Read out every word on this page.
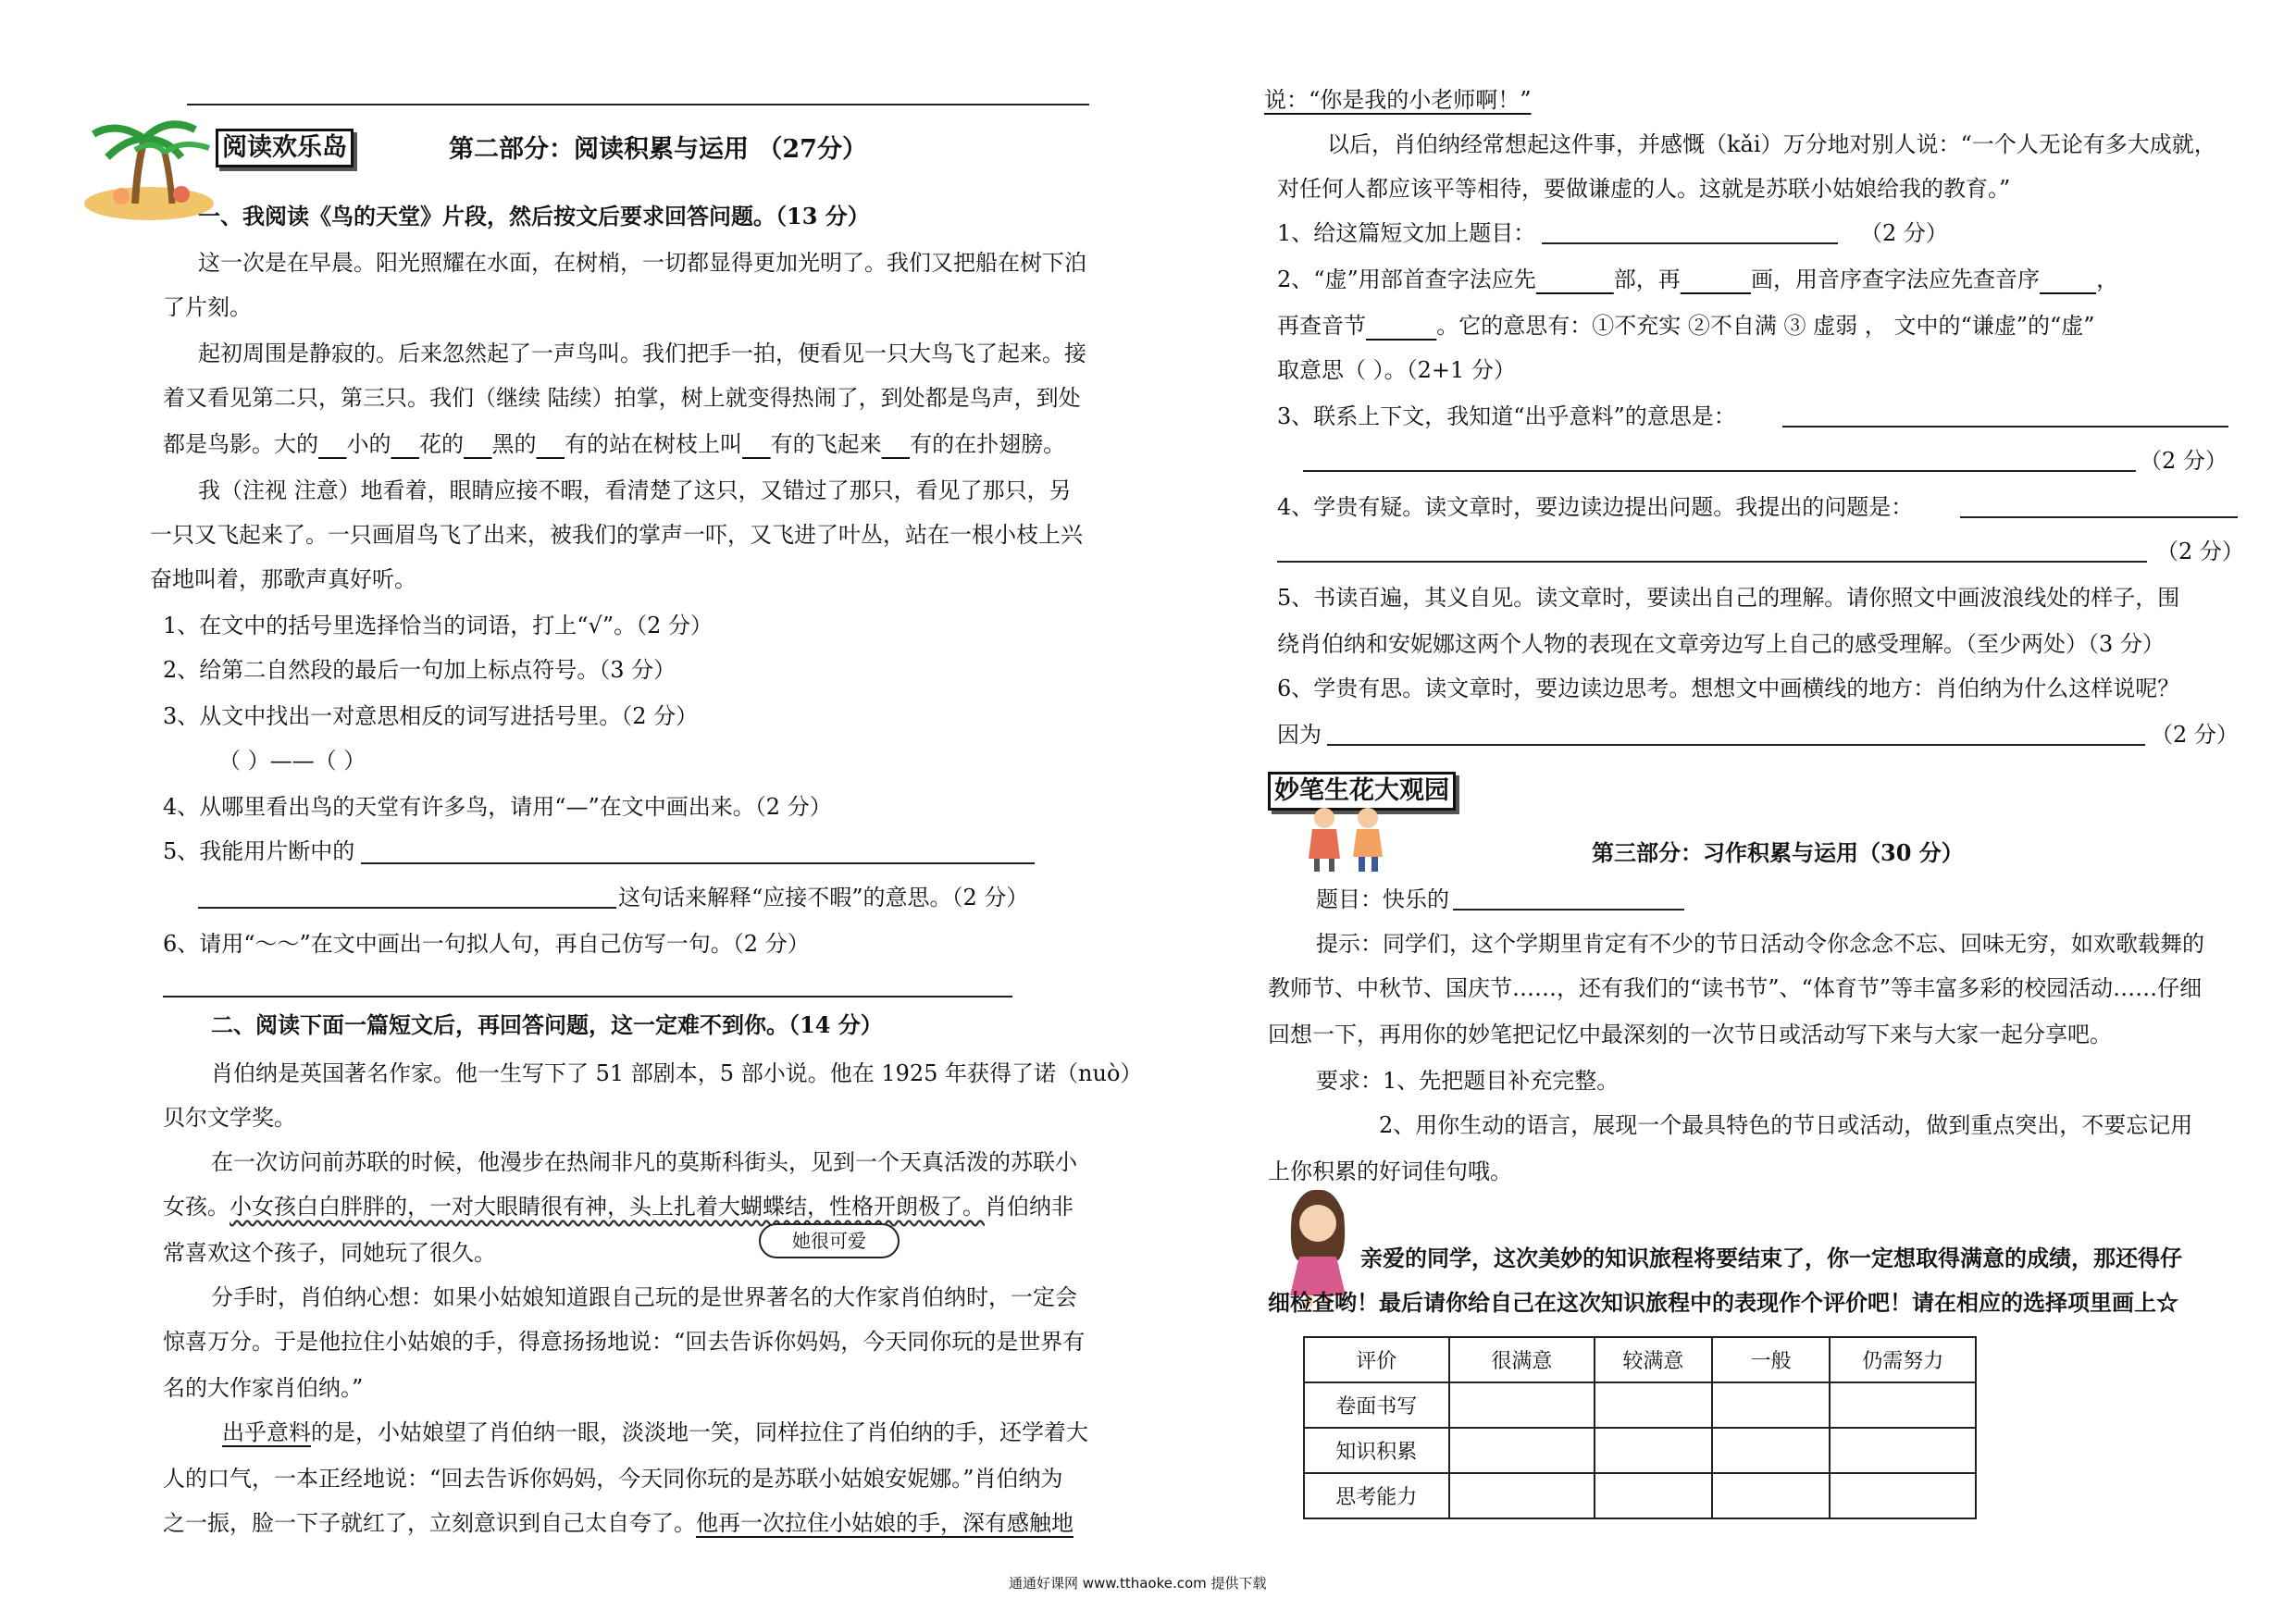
阅读欢乐岛	第二部分：阅读积累与运用 （27分）
一、我阅读《鸟的天堂》片段，然后按文后要求回答问题。（13 分）
这一次是在早晨。阳光照耀在水面，在树梢，一切都显得更加光明了。我们又把船在树下泊
了片刻。
起初周围是静寂的。后来忽然起了一声鸟叫。我们把手一拍，便看见一只大鸟飞了起来。接
着又看见第二只，第三只。我们（继续 陆续）拍掌，树上就变得热闹了，到处都是鸟声，到处
都是鸟影。大的 小的 花的 黑的 有的站在树枝上叫 有的飞起来 有的在扑翅膀。
我（注视 注意）地看着，眼睛应接不暇，看清楚了这只，又错过了那只，看见了那只，另
一只又飞起来了。一只画眉鸟飞了出来，被我们的掌声一吓，又飞进了叶丛，站在一根小枝上兴
奋地叫着，那歌声真好听。
1、在文中的括号里选择恰当的词语，打上“√”。（2 分）
2、给第二自然段的最后一句加上标点符号。（3 分）
3、从文中找出一对意思相反的词写进括号里。（2 分）
（ ）——（ ）
4、从哪里看出鸟的天堂有许多鸟，请用“—”在文中画出来。（2 分）
5、我能用片断中的
这句话来解释“应接不暇”的意思。（2 分）
6、请用“～～”在文中画出一句拟人句，再自己仿写一句。（2 分）
二、阅读下面一篇短文后，再回答问题，这一定难不到你。（14 分）
肖伯纳是英国著名作家。他一生写下了 51 部剧本，5 部小说。他在 1925 年获得了诺（nuò）
贝尔文学奖。
在一次访问前苏联的时候，他漫步在热闹非凡的莫斯科街头，见到一个天真活泼的苏联小
女孩。小女孩白白胖胖的，一对大眼睛很有神，头上扎着大蝴蝶结，性格开朗极了。肖伯纳非
常喜欢这个孩子，同她玩了很久。	她很可爱
分手时，肖伯纳心想：如果小姑娘知道跟自己玩的是世界著名的大作家肖伯纳时，一定会
惊喜万分。于是他拉住小姑娘的手，得意扬扬地说：“回去告诉你妈妈，今天同你玩的是世界有
名的大作家肖伯纳。”
出乎意料的是，小姑娘望了肖伯纳一眼，淡淡地一笑，同样拉住了肖伯纳的手，还学着大
人的口气，一本正经地说：“回去告诉你妈妈，今天同你玩的是苏联小姑娘安妮娜。”肖伯纳为
之一振，脸一下子就红了，立刻意识到自己太自夸了。他再一次拉住小姑娘的手，深有感触地
说：“你是我的小老师啊！”
以后，肖伯纳经常想起这件事，并感慨（kǎi）万分地对别人说：“一个人无论有多大成就，
对任何人都应该平等相待，要做谦虚的人。这就是苏联小姑娘给我的教育。”
1、给这篇短文加上题目：	（2 分）
2、“虚”用部首查字法应先	部，再	画，用音序查字法应先查音序	，
再查音节	。它的意思有：①不充实 ②不自满 ③ 虚弱 ， 文中的“谦虚”的“虚”
取意思（ ）。（2+1 分）
3、联系上下文，我知道“出乎意料”的意思是：
（2 分）
4、学贵有疑。读文章时，要边读边提出问题。我提出的问题是：
（2 分）
5、书读百遍，其义自见。读文章时，要读出自己的理解。请你照文中画波浪线处的样子，围
绕肖伯纳和安妮娜这两个人物的表现在文章旁边写上自己的感受理解。（至少两处）（3 分）
6、学贵有思。读文章时，要边读边思考。想想文中画横线的地方：肖伯纳为什么这样说呢？
因为	（2 分）
妙笔生花大观园
第三部分：习作积累与运用（30 分）
题目：快乐的
提示：同学们，这个学期里肯定有不少的节日活动令你念念不忘、回味无穷，如欢歌载舞的
教师节、中秋节、国庆节……，还有我们的“读书节”、“体育节”等丰富多彩的校园活动……仔细
回想一下，再用你的妙笔把记忆中最深刻的一次节日或活动写下来与大家一起分享吧。
要求：1、先把题目补充完整。
2、用你生动的语言，展现一个最具特色的节日或活动，做到重点突出，不要忘记用
上你积累的好词佳句哦。
亲爱的同学，这次美妙的知识旅程将要结束了，你一定想取得满意的成绩，那还得仔
细检查哟！最后请你给自己在这次知识旅程中的表现作个评价吧！请在相应的选择项里画上☆
评价	很满意	较满意	一般	仍需努力
卷面书写				
知识积累				
思考能力				
通通好课网 www.tthaoke.com 提供下载
